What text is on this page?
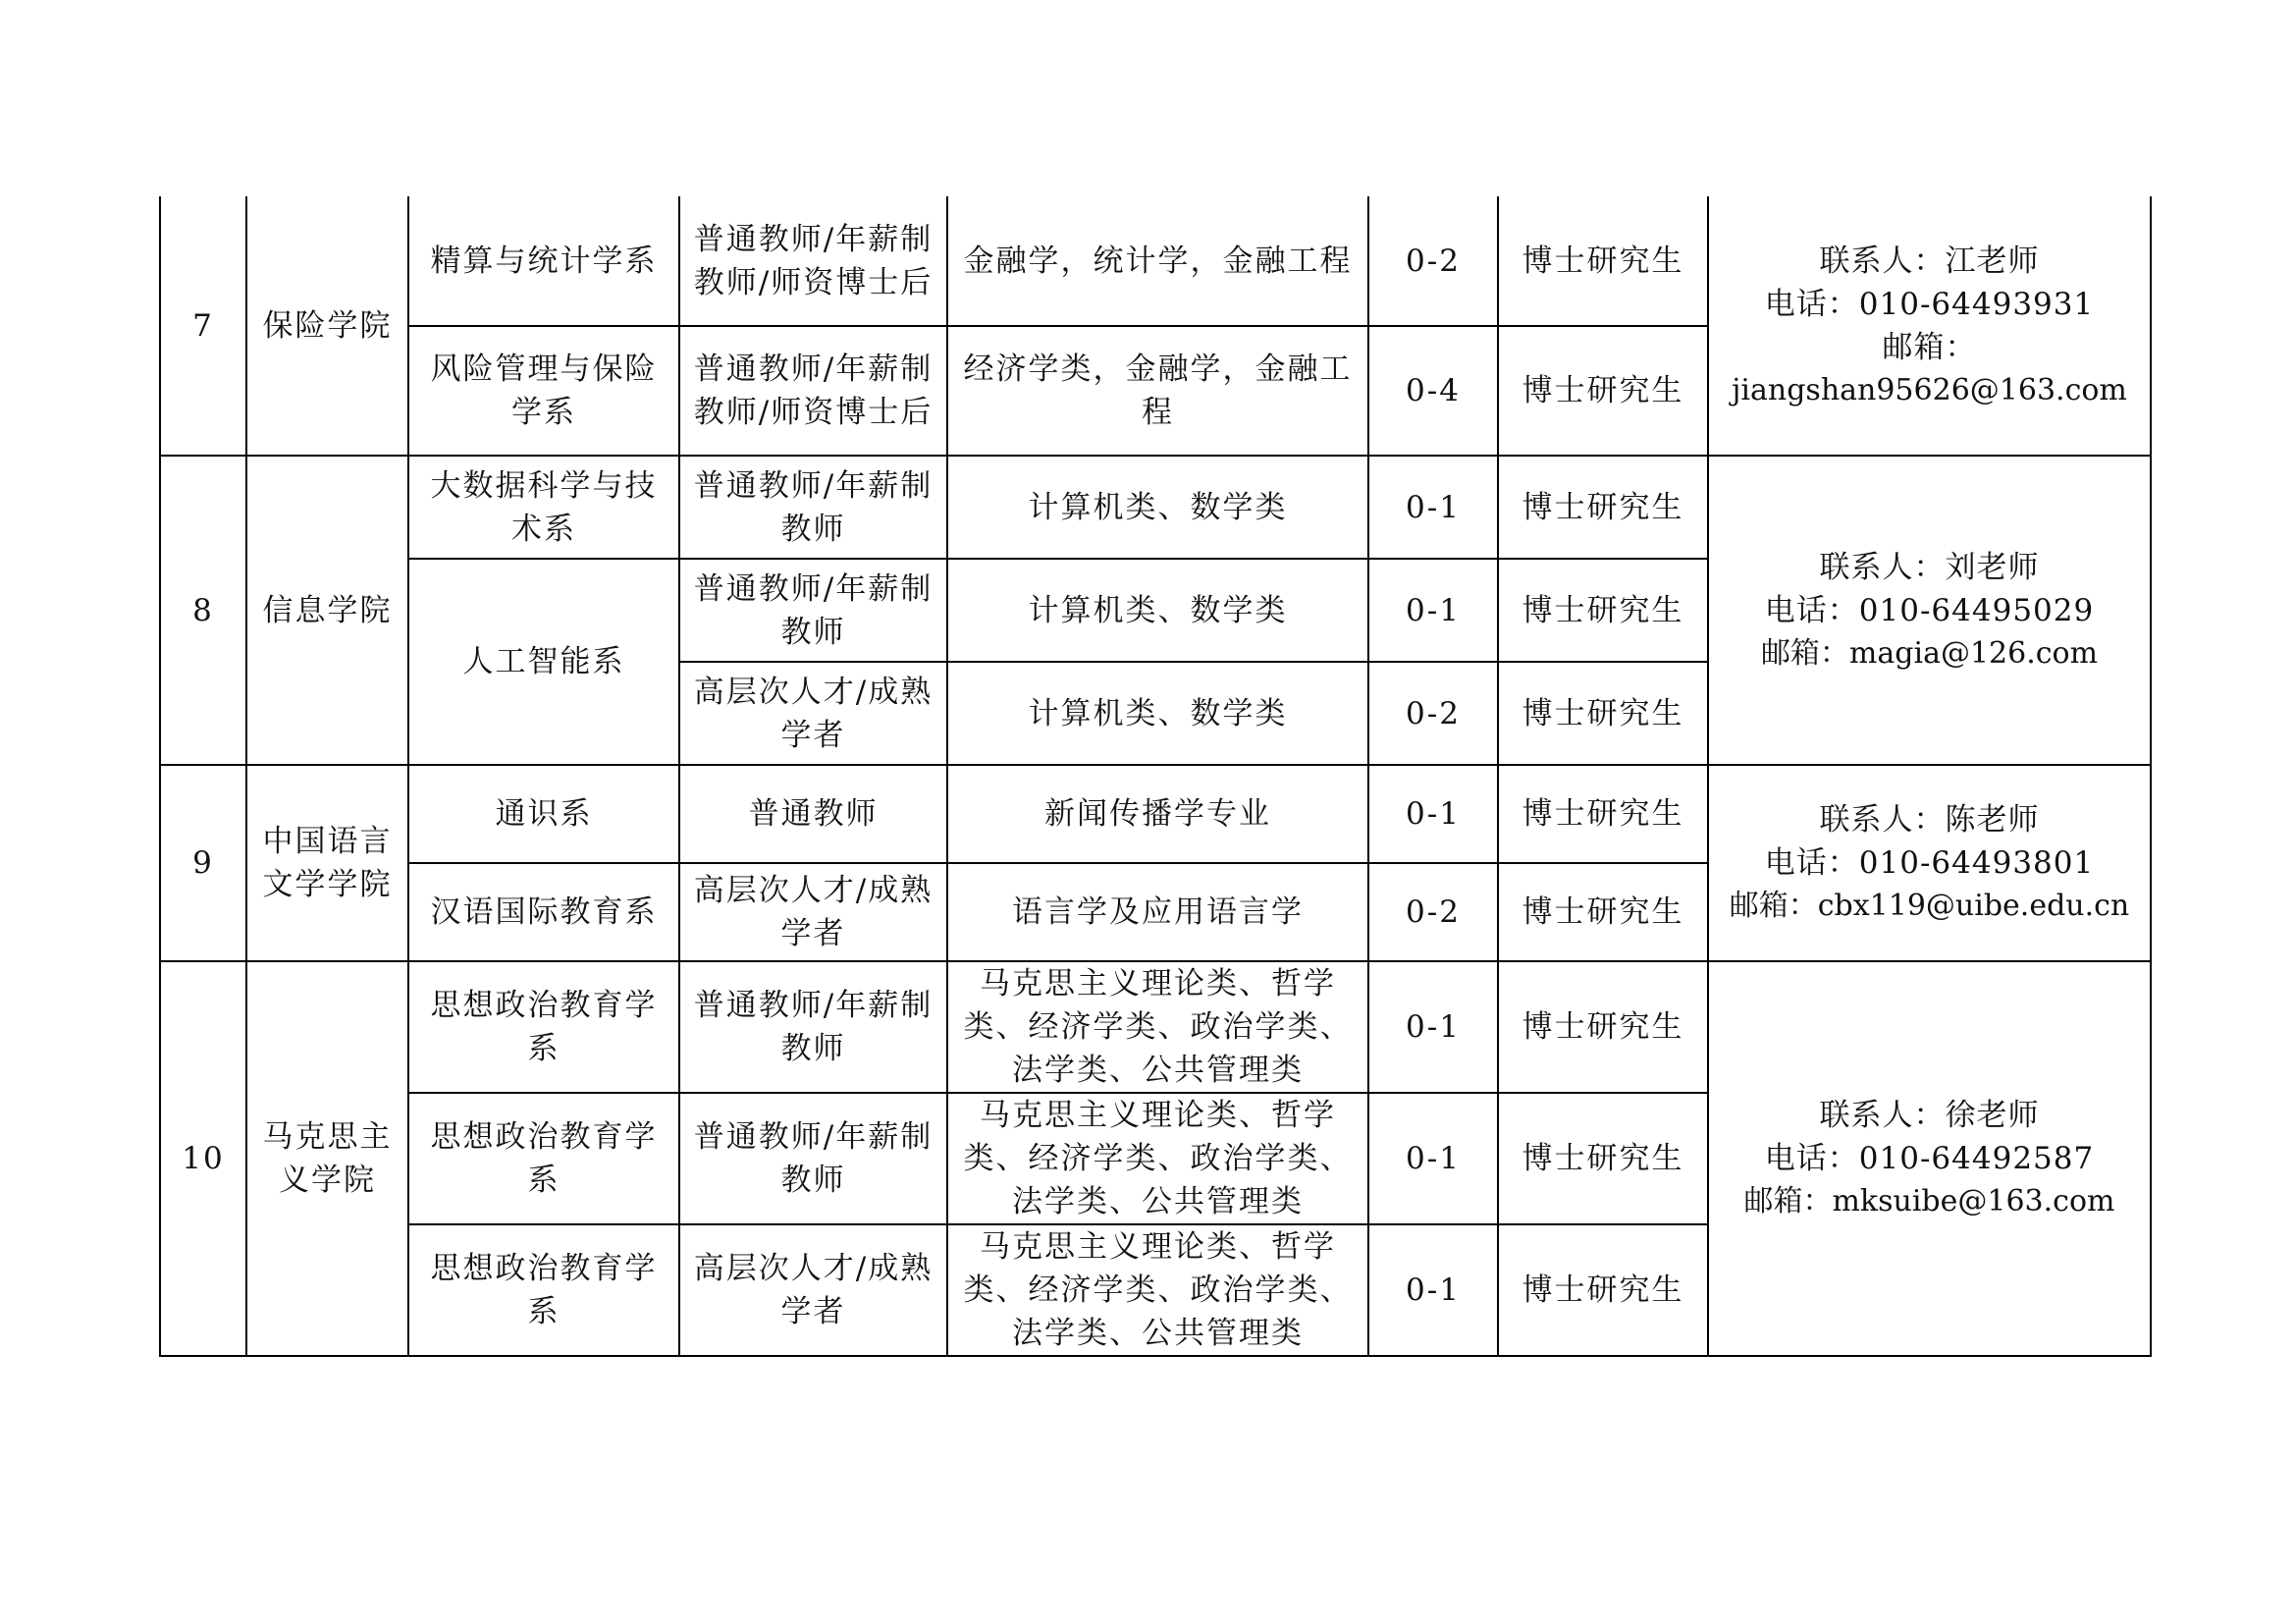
7	保险学院	精算与统计学系	普通教师/年薪制教师/师资博士后	金融学，统计学，金融工程	0-2	博士研究生	联系人：江老师
电话：010-64493931
邮箱：
jiangshan95626@163.com

		风险管理与保险学系	普通教师/年薪制教师/师资博士后	经济学类，金融学，金融工程	0-4	博士研究生	
8	信息学院	大数据科学与技术系	普通教师/年薪制教师	计算机类、数学类	0-1	博士研究生	联系人：刘老师
电话：010-64495029
邮箱：magia@126.com

		人工智能系	普通教师/年薪制教师	计算机类、数学类	0-1	博士研究生	
			高层次人才/成熟学者	计算机类、数学类	0-2	博士研究生	
9	中国语言文学学院	通识系	普通教师	新闻传播学专业	0-1	博士研究生	联系人：陈老师
电话：010-64493801
邮箱：cbx119@uibe.edu.cn

		汉语国际教育系	高层次人才/成熟学者	语言学及应用语言学	0-2	博士研究生	
10	马克思主义学院	思想政治教育学系	普通教师/年薪制教师	马克思主义理论类、哲学类、经济学类、政治学类、法学类、公共管理类	0-1	博士研究生	联系人：徐老师
电话：010-64492587
邮箱：mksuibe@163.com

		思想政治教育学系	普通教师/年薪制教师	马克思主义理论类、哲学类、经济学类、政治学类、法学类、公共管理类	0-1	博士研究生	
		思想政治教育学系	高层次人才/成熟学者	马克思主义理论类、哲学类、经济学类、政治学类、法学类、公共管理类	0-1	博士研究生	
